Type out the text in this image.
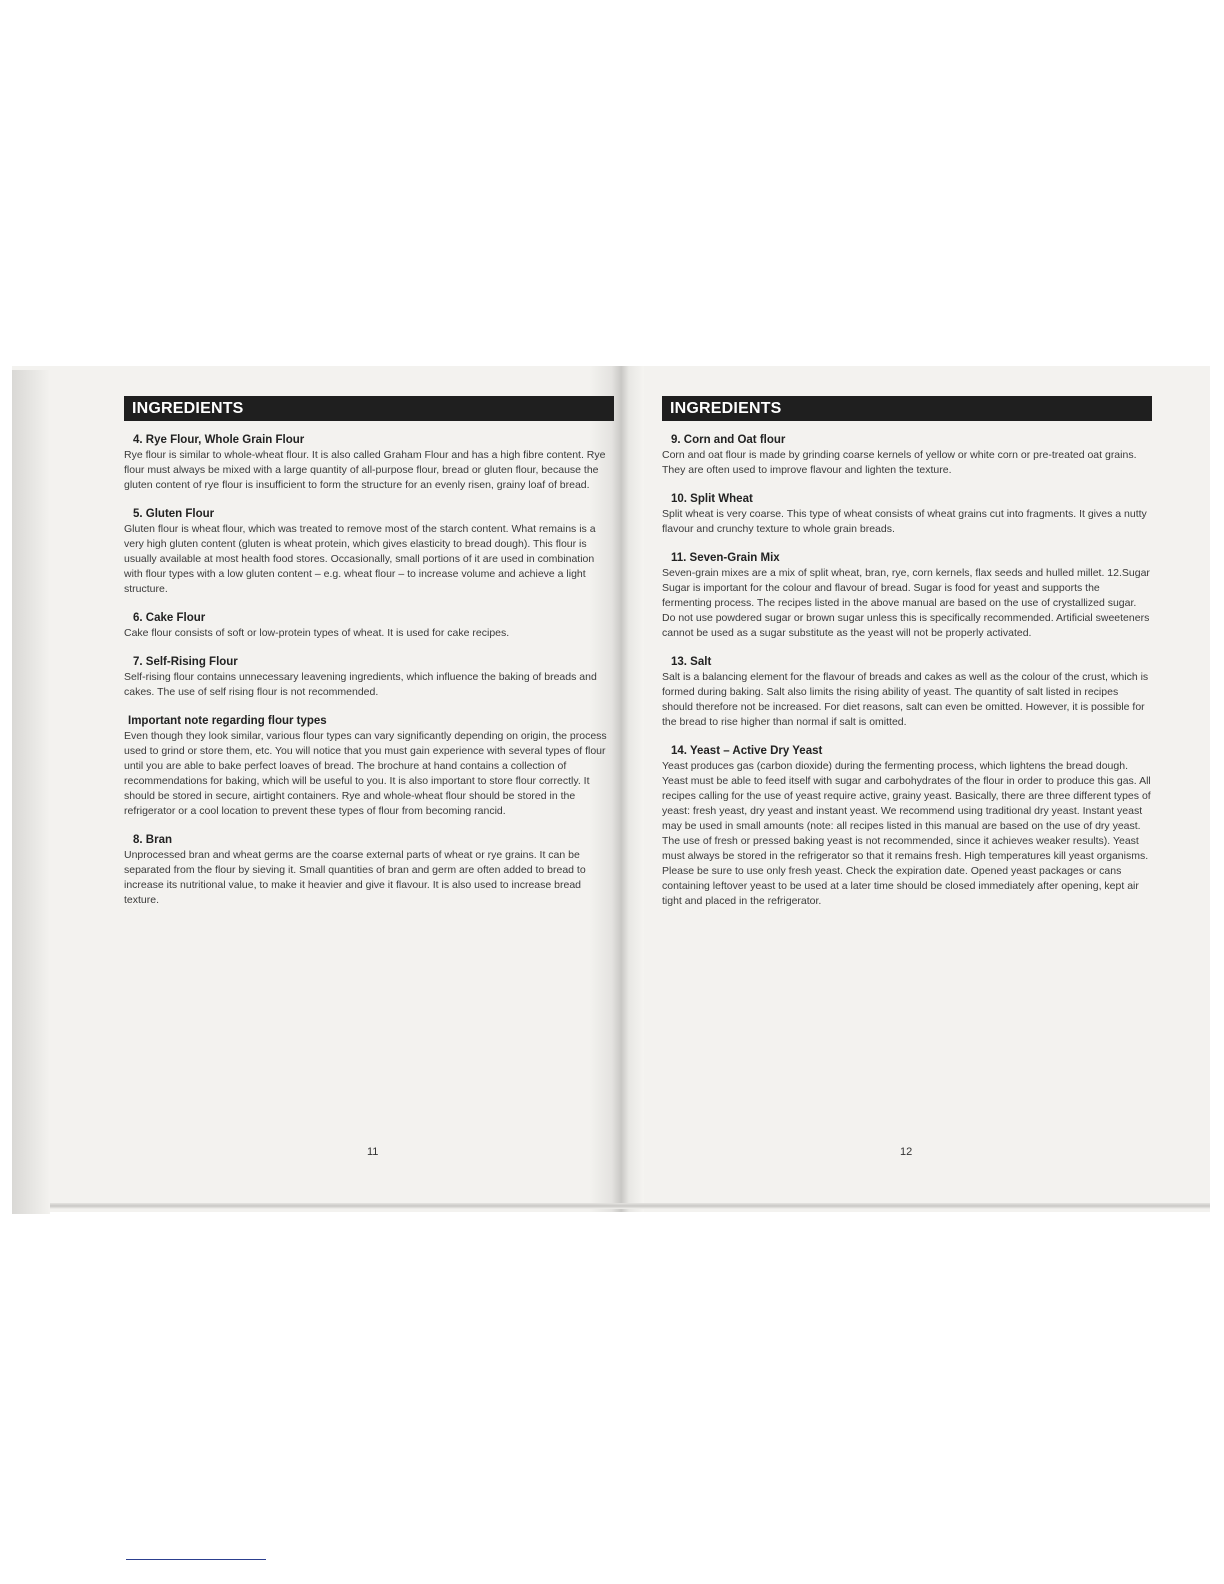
INGREDIENTS
4. Rye Flour, Whole Grain Flour
Rye flour is similar to whole-wheat flour. It is also called Graham Flour and has a high fibre content. Rye flour must always be mixed with a large quantity of all-purpose flour, bread or gluten flour, because the gluten content of rye flour is insufficient to form the structure for an evenly risen, grainy loaf of bread.
5. Gluten Flour
Gluten flour is wheat flour, which was treated to remove most of the starch content. What remains is a very high gluten content (gluten is wheat protein, which gives elasticity to bread dough). This flour is usually available at most health food stores. Occasionally, small portions of it are used in combination with flour types with a low gluten content – e.g. wheat flour – to increase volume and achieve a light structure.
6. Cake Flour
Cake flour consists of soft or low-protein types of wheat. It is used for cake recipes.
7. Self-Rising Flour
Self-rising flour contains unnecessary leavening ingredients, which influence the baking of breads and cakes. The use of self rising flour is not recommended.
Important note regarding flour types
Even though they look similar, various flour types can vary significantly depending on origin, the process used to grind or store them, etc. You will notice that you must gain experience with several types of flour until you are able to bake perfect loaves of bread. The brochure at hand contains a collection of recommendations for baking, which will be useful to you. It is also important to store flour correctly. It should be stored in secure, airtight containers. Rye and whole-wheat flour should be stored in the refrigerator or a cool location to prevent these types of flour from becoming rancid.
8. Bran
Unprocessed bran and wheat germs are the coarse external parts of wheat or rye grains. It can be separated from the flour by sieving it. Small quantities of bran and germ are often added to bread to increase its nutritional value, to make it heavier and give it flavour. It is also used to increase bread texture.
INGREDIENTS
9. Corn and Oat flour
Corn and oat flour is made by grinding coarse kernels of yellow or white corn or pre-treated oat grains. They are often used to improve flavour and lighten the texture.
10. Split Wheat
Split wheat is very coarse. This type of wheat consists of wheat grains cut into fragments. It gives a nutty flavour and crunchy texture to whole grain breads.
11. Seven-Grain Mix
Seven-grain mixes are a mix of split wheat, bran, rye, corn kernels, flax seeds and hulled millet. 12.Sugar Sugar is important for the colour and flavour of bread. Sugar is food for yeast and supports the fermenting process. The recipes listed in the above manual are based on the use of crystallized sugar. Do not use powdered sugar or brown sugar unless this is specifically recommended. Artificial sweeteners cannot be used as a sugar substitute as the yeast will not be properly activated.
13. Salt
Salt is a balancing element for the flavour of breads and cakes as well as the colour of the crust, which is formed during baking. Salt also limits the rising ability of yeast. The quantity of salt listed in recipes should therefore not be increased. For diet reasons, salt can even be omitted. However, it is possible for the bread to rise higher than normal if salt is omitted.
14. Yeast – Active Dry Yeast
Yeast produces gas (carbon dioxide) during the fermenting process, which lightens the bread dough. Yeast must be able to feed itself with sugar and carbohydrates of the flour in order to produce this gas. All recipes calling for the use of yeast require active, grainy yeast. Basically, there are three different types of yeast: fresh yeast, dry yeast and instant yeast. We recommend using traditional dry yeast. Instant yeast may be used in small amounts (note: all recipes listed in this manual are based on the use of dry yeast. The use of fresh or pressed baking yeast is not recommended, since it achieves weaker results). Yeast must always be stored in the refrigerator so that it remains fresh. High temperatures kill yeast organisms. Please be sure to use only fresh yeast. Check the expiration date. Opened yeast packages or cans containing leftover yeast to be used at a later time should be closed immediately after opening, kept air tight and placed in the refrigerator.
11	12
